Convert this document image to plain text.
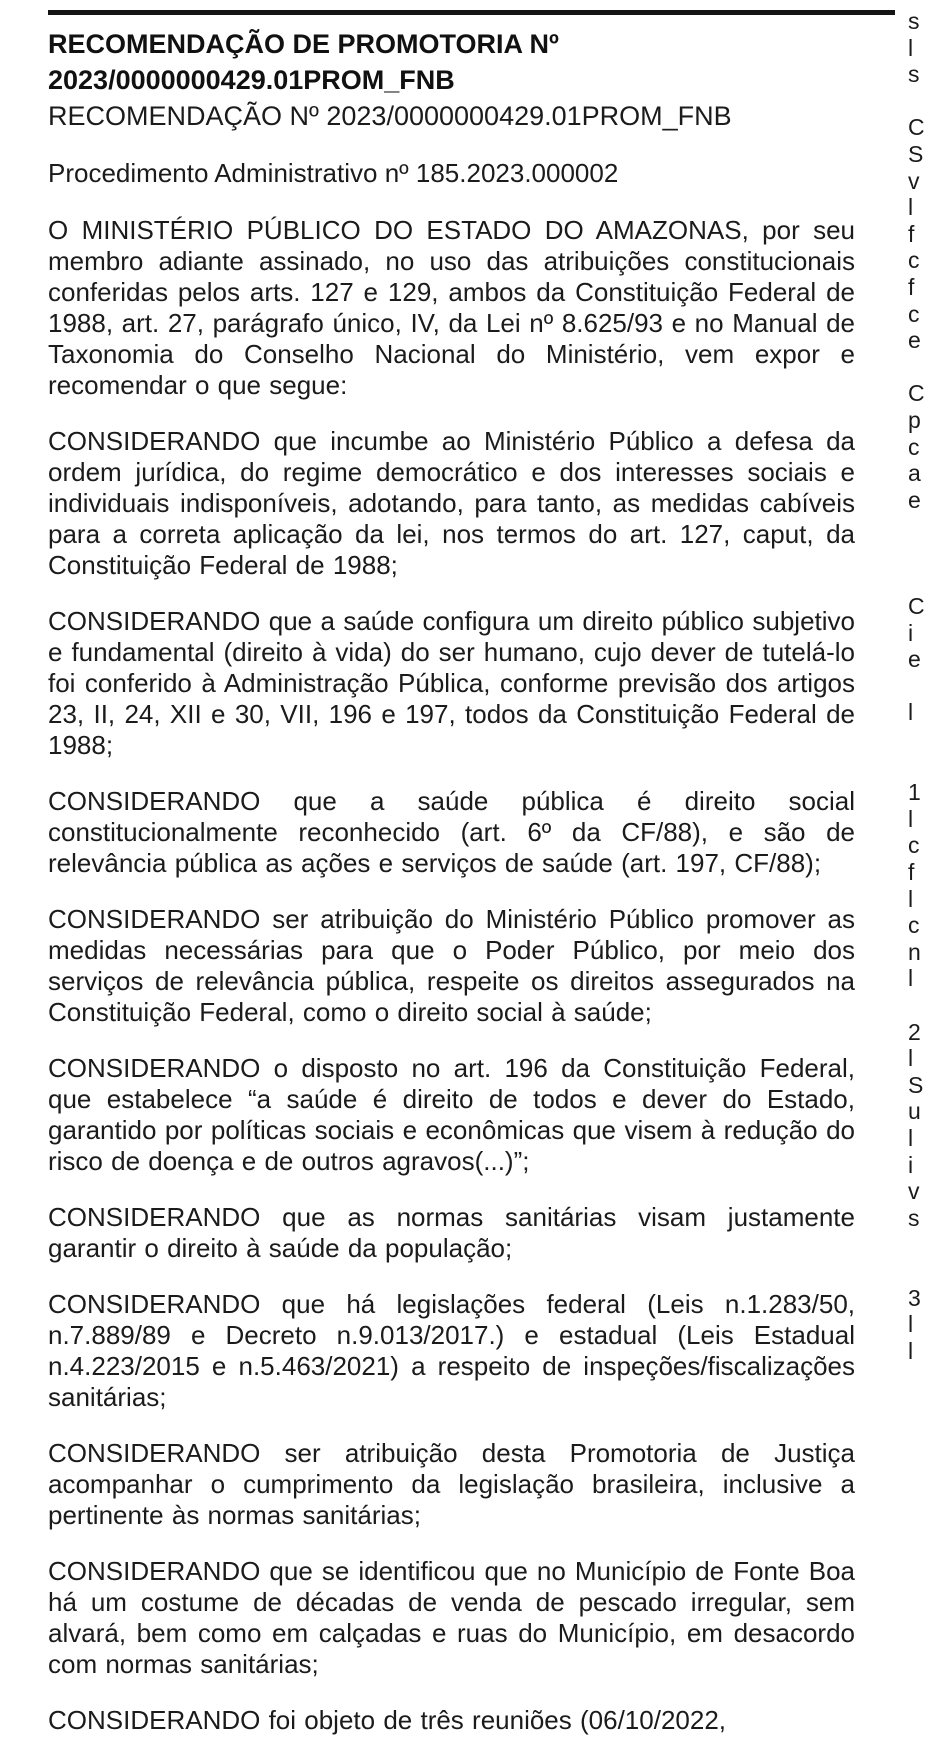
RECOMENDAÇÃO DE PROMOTORIA Nº 2023/0000000429.01PROM_FNB
RECOMENDAÇÃO Nº 2023/0000000429.01PROM_FNB
Procedimento Administrativo nº 185.2023.000002

O MINISTÉRIO PÚBLICO DO ESTADO DO AMAZONAS, por seu membro adiante assinado, no uso das atribuições constitucionais conferidas pelos arts. 127 e 129, ambos da Constituição Federal de 1988, art. 27, parágrafo único, IV, da Lei nº 8.625/93 e no Manual de Taxonomia do Conselho Nacional do Ministério, vem expor e recomendar o que segue:

CONSIDERANDO que incumbe ao Ministério Público a defesa da ordem jurídica, do regime democrático e dos interesses sociais e individuais indisponíveis, adotando, para tanto, as medidas cabíveis para a correta aplicação da lei, nos termos do art. 127, caput, da Constituição Federal de 1988;

CONSIDERANDO que a saúde configura um direito público subjetivo e fundamental (direito à vida) do ser humano, cujo dever de tutelá-lo foi conferido à Administração Pública, conforme previsão dos artigos 23, II, 24, XII e 30, VII, 196 e 197, todos da Constituição Federal de 1988;

CONSIDERANDO que a saúde pública é direito social constitucionalmente reconhecido (art. 6º da CF/88), e são de relevância pública as ações e serviços de saúde (art. 197, CF/88);

CONSIDERANDO ser atribuição do Ministério Público promover as medidas necessárias para que o Poder Público, por meio dos serviços de relevância pública, respeite os direitos assegurados na Constituição Federal, como o direito social à saúde;

CONSIDERANDO o disposto no art. 196 da Constituição Federal, que estabelece “a saúde é direito de todos e dever do Estado, garantido por políticas sociais e econômicas que visem à redução do risco de doença e de outros agravos(...)”;

CONSIDERANDO que as normas sanitárias visam justamente garantir o direito à saúde da população;

CONSIDERANDO que há legislações federal (Leis n.1.283/50, n.7.889/89 e Decreto n.9.013/2017.) e estadual (Leis Estadual n.4.223/2015 e n.5.463/2021) a respeito de inspeções/fiscalizações sanitárias;

CONSIDERANDO ser atribuição desta Promotoria de Justiça acompanhar o cumprimento da legislação brasileira, inclusive a pertinente às normas sanitárias;

CONSIDERANDO que se identificou que no Município de Fonte Boa há um costume de décadas de venda de pescado irregular, sem alvará, bem como em calçadas e ruas do Município, em desacordo com normas sanitárias;

CONSIDERANDO foi objeto de três reuniões (06/10/2022,

s
l
s
C
S
v
l
f
c
f
c
e
C
p
c
a
e
C
i
e
l
1
l
c
f
l
c
n
l
2
l
S
u
l
i
v
s
3
l
l
